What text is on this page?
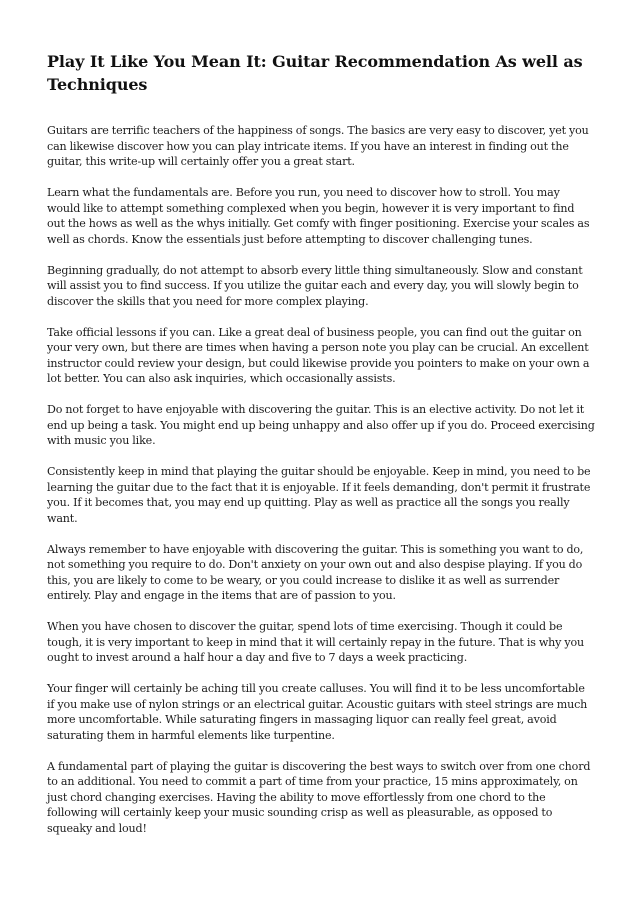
Play It Like You Mean It: Guitar Recommendation As well as Techniques

Guitars are terrific teachers of the happiness of songs. The basics are very easy to discover, yet you can likewise discover how you can play intricate items. If you have an interest in finding out the guitar, this write-up will certainly offer you a great start.

Learn what the fundamentals are. Before you run, you need to discover how to stroll. You may would like to attempt something complexed when you begin, however it is very important to find out the hows as well as the whys initially. Get comfy with finger positioning. Exercise your scales as well as chords. Know the essentials just before attempting to discover challenging tunes.

Beginning gradually, do not attempt to absorb every little thing simultaneously. Slow and constant will assist you to find success. If you utilize the guitar each and every day, you will slowly begin to discover the skills that you need for more complex playing.

Take official lessons if you can. Like a great deal of business people, you can find out the guitar on your very own, but there are times when having a person note you play can be crucial. An excellent instructor could review your design, but could likewise provide you pointers to make on your own a lot better. You can also ask inquiries, which occasionally assists.

Do not forget to have enjoyable with discovering the guitar. This is an elective activity. Do not let it end up being a task. You might end up being unhappy and also offer up if you do. Proceed exercising with music you like.

Consistently keep in mind that playing the guitar should be enjoyable. Keep in mind, you need to be learning the guitar due to the fact that it is enjoyable. If it feels demanding, don't permit it frustrate you. If it becomes that, you may end up quitting. Play as well as practice all the songs you really want.

Always remember to have enjoyable with discovering the guitar. This is something you want to do, not something you require to do. Don't anxiety on your own out and also despise playing. If you do this, you are likely to come to be weary, or you could increase to dislike it as well as surrender entirely. Play and engage in the items that are of passion to you.

When you have chosen to discover the guitar, spend lots of time exercising. Though it could be tough, it is very important to keep in mind that it will certainly repay in the future. That is why you ought to invest around a half hour a day and five to 7 days a week practicing.

Your finger will certainly be aching till you create calluses. You will find it to be less uncomfortable if you make use of nylon strings or an electrical guitar. Acoustic guitars with steel strings are much more uncomfortable. While saturating fingers in massaging liquor can really feel great, avoid saturating them in harmful elements like turpentine.

A fundamental part of playing the guitar is discovering the best ways to switch over from one chord to an additional. You need to commit a part of time from your practice, 15 mins approximately, on just chord changing exercises. Having the ability to move effortlessly from one chord to the following will certainly keep your music sounding crisp as well as pleasurable, as opposed to squeaky and loud!
